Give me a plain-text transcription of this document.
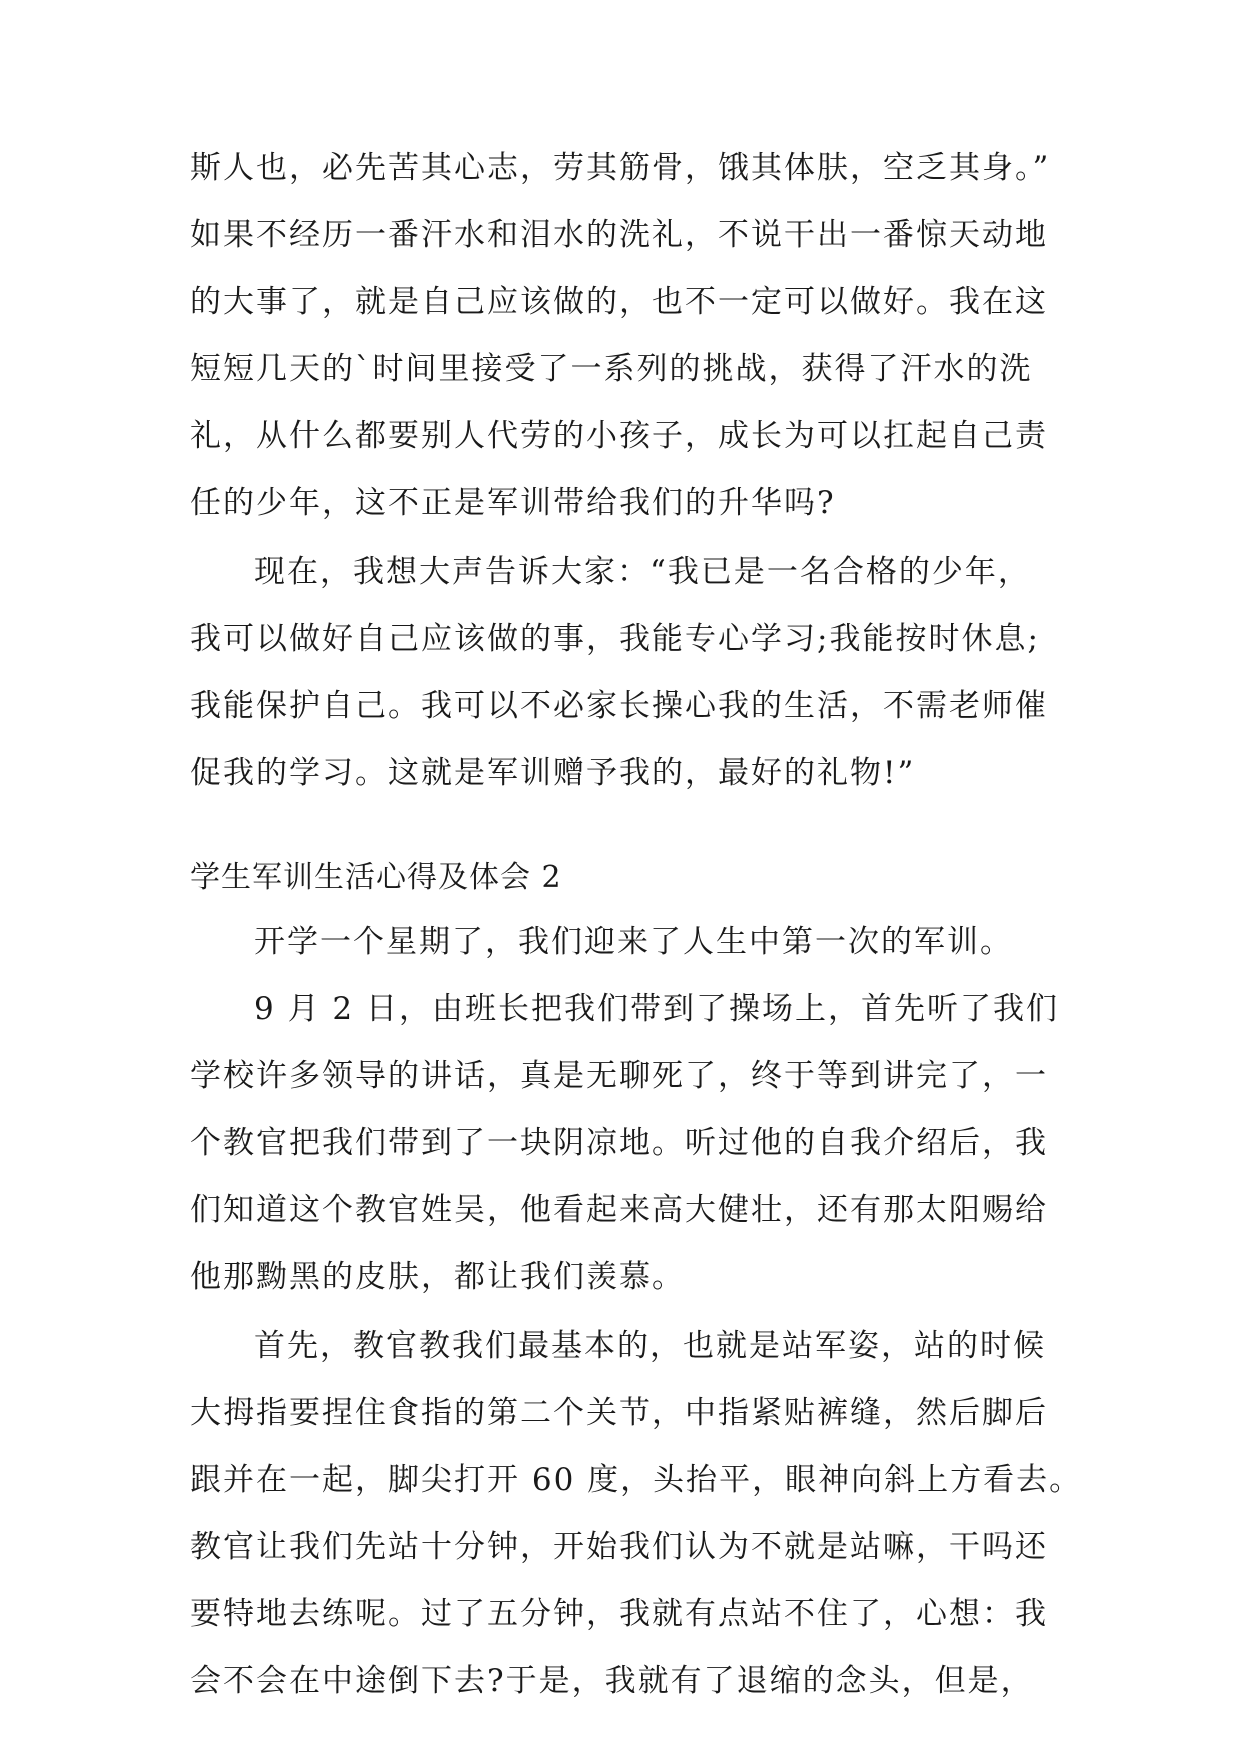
斯人也，必先苦其心志，劳其筋骨，饿其体肤，空乏其身。”
如果不经历一番汗水和泪水的洗礼，不说干出一番惊天动地
的大事了，就是自己应该做的，也不一定可以做好。我在这
短短几天的`时间里接受了一系列的挑战，获得了汗水的洗
礼，从什么都要别人代劳的小孩子，成长为可以扛起自己责
任的少年，这不正是军训带给我们的升华吗?
现在，我想大声告诉大家：“我已是一名合格的少年，
我可以做好自己应该做的事，我能专心学习;我能按时休息;
我能保护自己。我可以不必家长操心我的生活，不需老师催
促我的学习。这就是军训赠予我的，最好的礼物!”
学生军训生活心得及体会 2
开学一个星期了，我们迎来了人生中第一次的军训。
9 月 2 日，由班长把我们带到了操场上，首先听了我们
学校许多领导的讲话，真是无聊死了，终于等到讲完了，一
个教官把我们带到了一块阴凉地。听过他的自我介绍后，我
们知道这个教官姓吴，他看起来高大健壮，还有那太阳赐给
他那黝黑的皮肤，都让我们羡慕。
首先，教官教我们最基本的，也就是站军姿，站的时候
大拇指要捏住食指的第二个关节，中指紧贴裤缝，然后脚后
跟并在一起，脚尖打开 60 度，头抬平，眼神向斜上方看去。
教官让我们先站十分钟，开始我们认为不就是站嘛，干吗还
要特地去练呢。过了五分钟，我就有点站不住了，心想：我
会不会在中途倒下去?于是，我就有了退缩的念头，但是，
